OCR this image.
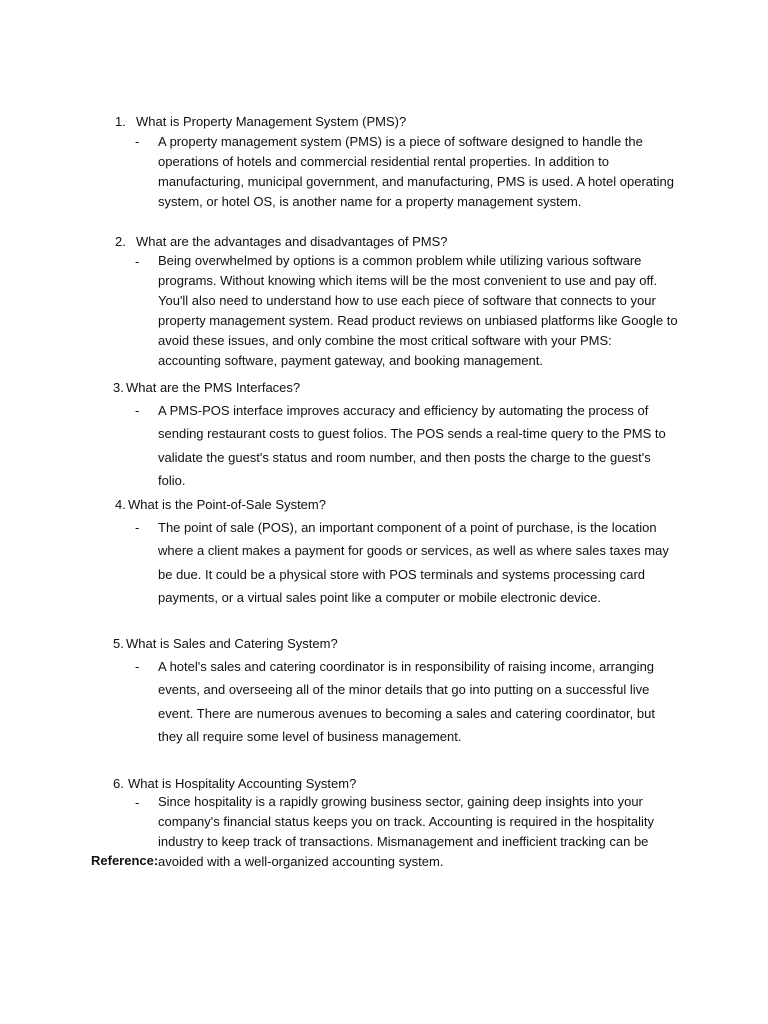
1. What is Property Management System (PMS)?
- A property management system (PMS) is a piece of software designed to handle the operations of hotels and commercial residential rental properties. In addition to manufacturing, municipal government, and manufacturing, PMS is used. A hotel operating system, or hotel OS, is another name for a property management system.

2. What are the advantages and disadvantages of PMS?
- Being overwhelmed by options is a common problem while utilizing various software programs. Without knowing which items will be the most convenient to use and pay off. You'll also need to understand how to use each piece of software that connects to your property management system. Read product reviews on unbiased platforms like Google to avoid these issues, and only combine the most critical software with your PMS: accounting software, payment gateway, and booking management.

3. What are the PMS Interfaces?
- A PMS-POS interface improves accuracy and efficiency by automating the process of sending restaurant costs to guest folios. The POS sends a real-time query to the PMS to validate the guest's status and room number, and then posts the charge to the guest's folio.

4. What is the Point-of-Sale System?
- The point of sale (POS), an important component of a point of purchase, is the location where a client makes a payment for goods or services, as well as where sales taxes may be due. It could be a physical store with POS terminals and systems processing card payments, or a virtual sales point like a computer or mobile electronic device.

5. What is Sales and Catering System?
- A hotel's sales and catering coordinator is in responsibility of raising income, arranging events, and overseeing all of the minor details that go into putting on a successful live event. There are numerous avenues to becoming a sales and catering coordinator, but they all require some level of business management.

6. What is Hospitality Accounting System?
- Since hospitality is a rapidly growing business sector, gaining deep insights into your company's financial status keeps you on track. Accounting is required in the hospitality industry to keep track of transactions. Mismanagement and inefficient tracking can be avoided with a well-organized accounting system.

Reference:
